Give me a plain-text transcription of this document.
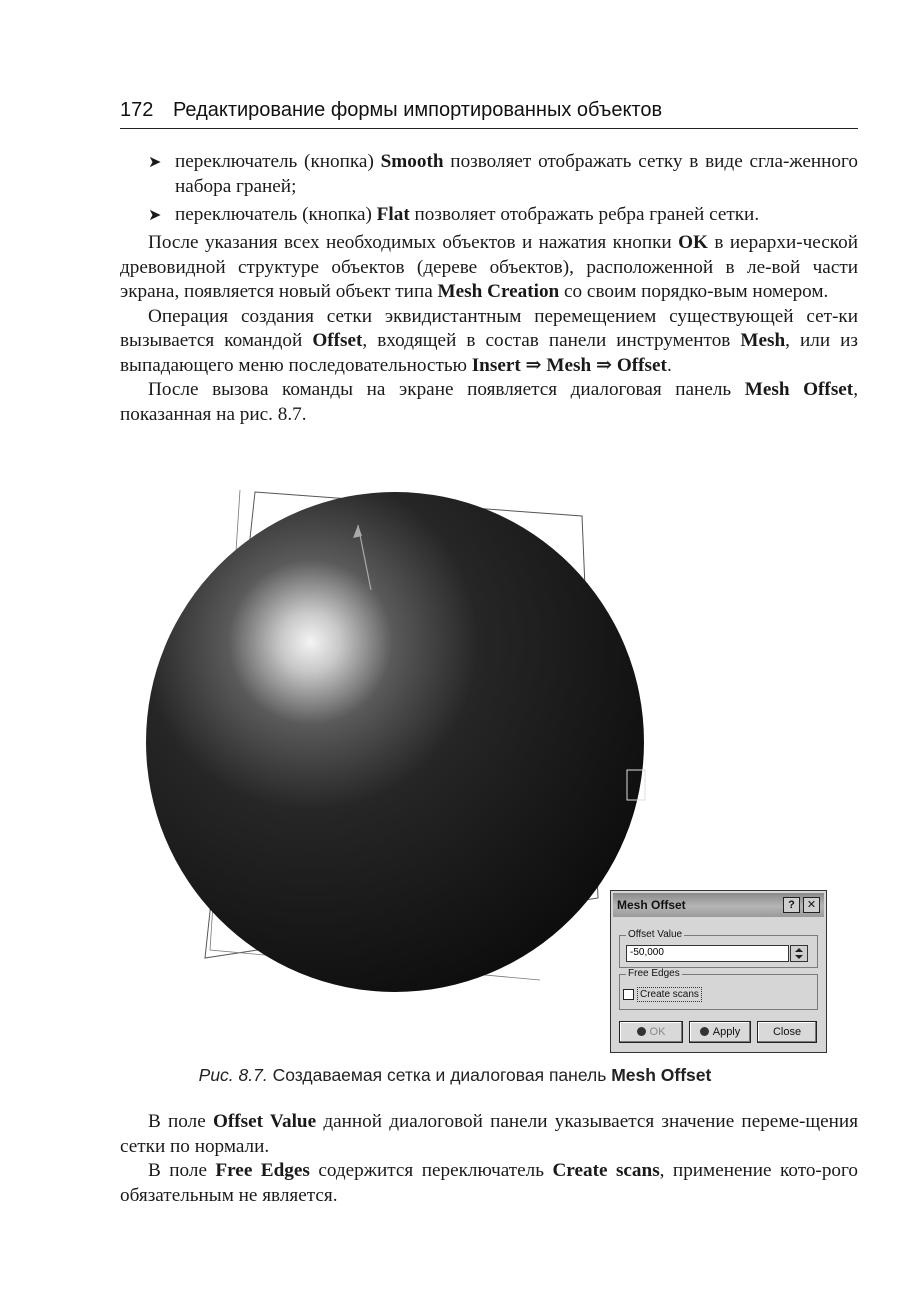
172 Редактирование формы импортированных объектов
➤ переключатель (кнопка) Smooth позволяет отображать сетку в виде сгла-женного набора граней;
➤ переключатель (кнопка) Flat позволяет отображать ребра граней сетки.

После указания всех необходимых объектов и нажатия кнопки OK в иерархи-ческой древовидной структуре объектов (дереве объектов), расположенной в ле-вой части экрана, появляется новый объект типа Mesh Creation со своим порядко-вым номером.

Операция создания сетки эквидистантным перемещением существующей сет-ки вызывается командой Offset, входящей в состав панели инструментов Mesh, или из выпадающего меню последовательностью Insert ⇒ Mesh ⇒ Offset.

После вызова команды на экране появляется диалоговая панель Mesh Offset, показанная на рис. 8.7.

Mesh Offset	?	✕
Offset Value
-50,000
Free Edges
Create scans
OK	Apply	Close
Рис. 8.7. Создаваемая сетка и диалоговая панель Mesh Offset

В поле Offset Value данной диалоговой панели указывается значение переме-щения сетки по нормали.

В поле Free Edges содержится переключатель Create scans, применение кото-рого обязательным не является.
